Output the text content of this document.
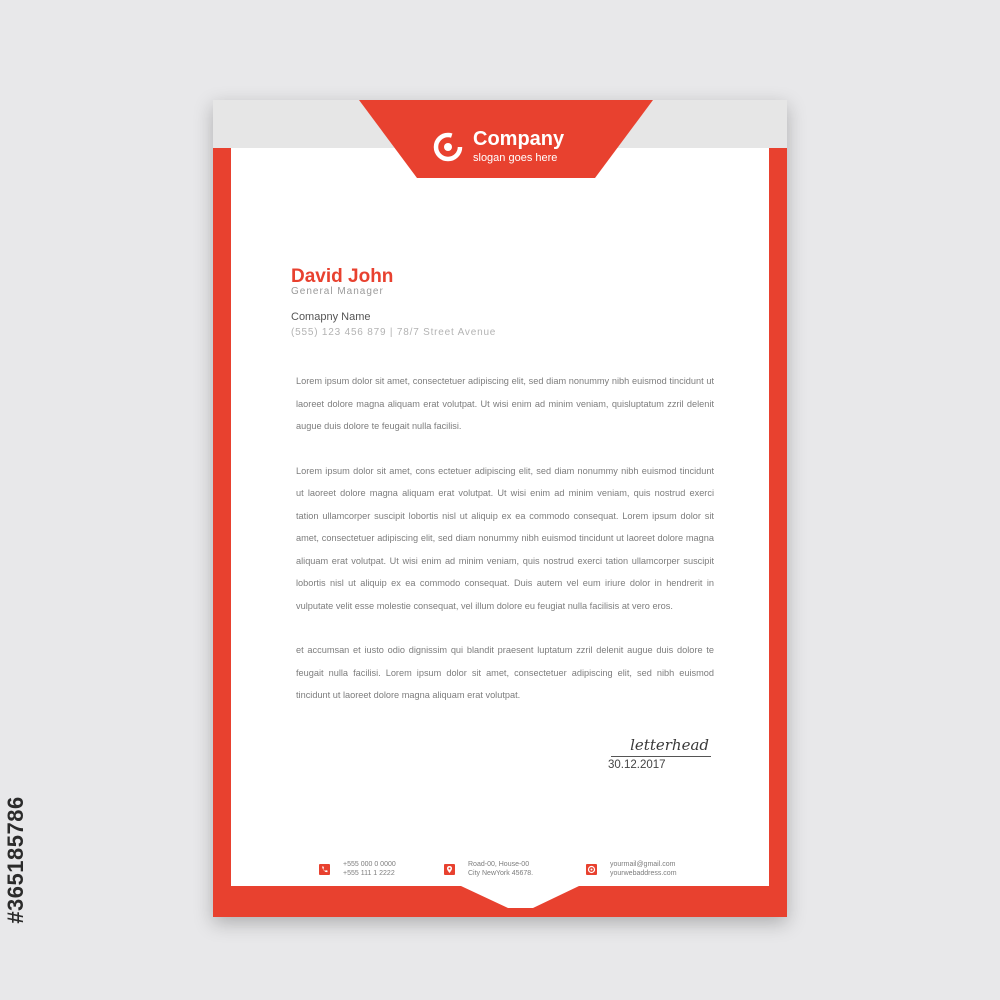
#365185786
Company
slogan goes here
David John
General Manager
Comapny Name
(555) 123 456 879 | 78/7 Street Avenue

Lorem ipsum dolor sit amet, consectetuer adipiscing elit, sed diam nonummy nibh euismod tincidunt ut laoreet dolore magna aliquam erat volutpat. Ut wisi enim ad minim veniam, quisluptatum zzril delenit augue duis dolore te feugait nulla facilisi.

Lorem ipsum dolor sit amet, cons ectetuer adipiscing elit, sed diam nonummy nibh euismod tincidunt ut laoreet dolore magna aliquam erat volutpat. Ut wisi enim ad minim veniam, quis nostrud exerci tation ullamcorper suscipit lobortis nisl ut aliquip ex ea commodo consequat. Lorem ipsum dolor sit amet, consectetuer adipiscing elit, sed diam nonummy nibh euismod tincidunt ut laoreet dolore magna aliquam erat volutpat. Ut wisi enim ad minim veniam, quis nostrud exerci tation ullamcorper suscipit lobortis nisl ut aliquip ex ea commodo consequat. Duis autem vel eum iriure dolor in hendrerit in vulputate velit esse molestie consequat, vel illum dolore eu feugiat nulla facilisis at vero eros.

et accumsan et iusto odio dignissim qui blandit praesent luptatum zzril delenit augue duis dolore te feugait nulla facilisi. Lorem ipsum dolor sit amet, consectetuer adipiscing elit, sed nibh euismod tincidunt ut laoreet dolore magna aliquam erat volutpat.

letterhead
30.12.2017
+555 000 0 0000
+555 111 1 2222
Road-00, House-00
City NewYork 45678.
yourmail@gmail.com
yourwebaddress.com
